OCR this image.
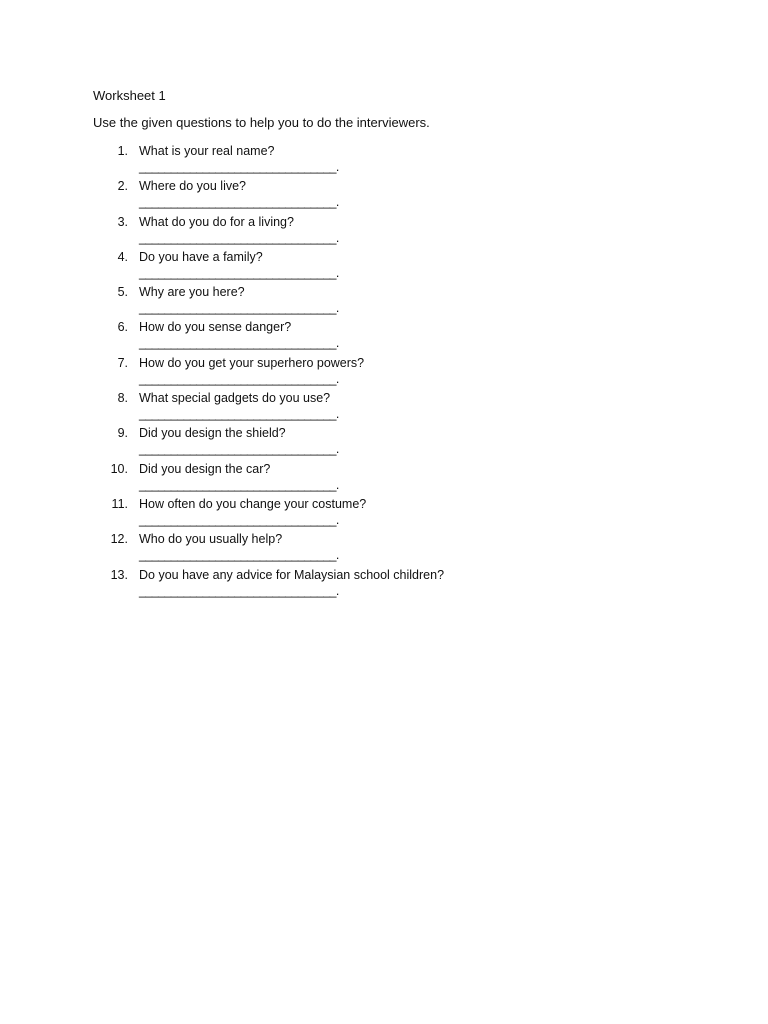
Worksheet 1
Use the given questions to help you to do the interviewers.
1. What is your real name?
_______________________________.
2. Where do you live?
_______________________________.
3. What do you do for a living?
_______________________________.
4. Do you have a family?
_______________________________.
5. Why are you here?
_______________________________.
6. How do you sense danger?
_______________________________.
7. How do you get your superhero powers?
_______________________________.
8. What special gadgets do you use?
_______________________________.
9. Did you design the shield?
_______________________________.
10. Did you design the car?
_______________________________.
11. How often do you change your costume?
_______________________________.
12. Who do you usually help?
_______________________________.
13. Do you have any advice for Malaysian school children?
_______________________________.
